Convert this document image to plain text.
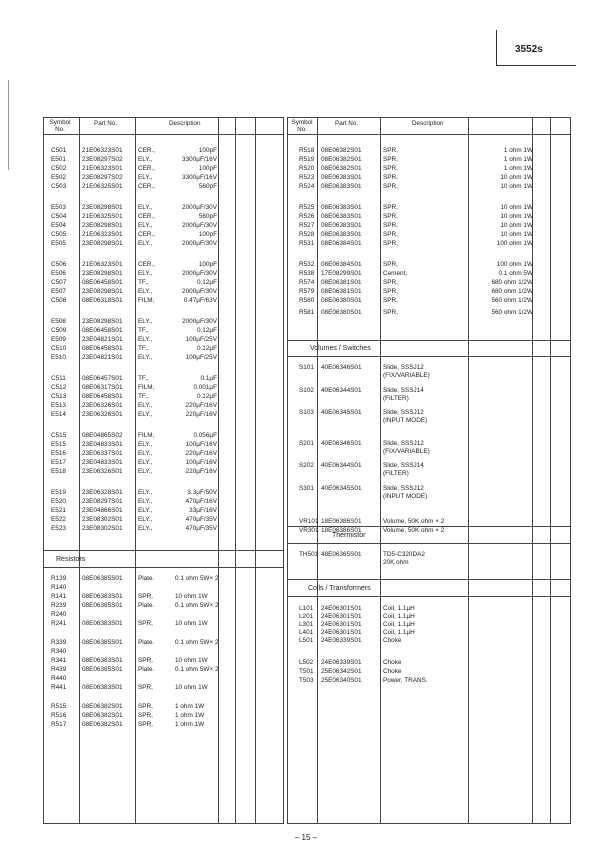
3552s
Symbol No.
Part No.	Description
C501 21E06323S01 CER.,	100pF
E501	23E08297S02 ELY.,	3300µF/16V
C502 21E06323S01 CER.,	100pF
E502	23E08297S02 ELY.,	3300µF/16V
C503 21E06325S01 CER.,	560pF
E503	23E08298S01 ELY.,	2000µF/30V
C504 21E06325S01 CER.,	560pF
E504	23E08298S01 ELY.,	2000µF/30V
C505 21E06323S01 CER.,	100pF
E505	23E08298S01 ELY.,	2000µF/30V
C506 21E06323S01 CER.,	100pF
E506	23E08298S01 ELY.,	2000µF/30V
C507 08E06458S01 TF.,	0.12µF
E507	23E08298S01 ELY.,	2000µF/30V
C508 08E06318S01 FILM,	0.47µF/63V
E508	23E08298S01 ELY.,	2000µF/30V
C509 08E06458S01 TF.,	0.12µF
E509	23E04821S01 ELY.,	100µF/25V
C510 08E06458S01 TF.,	0.12µF
E510	23E04821S01 ELY.,	100µF/25V
C511	08E06457S01 TF.,	0.1µF
C512 08E06317S01 FILM,	0.001µF
C513 08E06458S01 TF.,	0.12µF
E513	23E06326S01 ELY.,	220µF/16V
E514	23E06326S01 ELY.,	220µF/16V
C515 08E04865S02 FILM,	0.056µF
E515	23E04833S01 ELY.,	100µF/16V
E516	23E06337S01 ELY.,	220µF/16V
E517	23E04833S01 ELY.,	100µF/16V
E518	23E06326S01 ELY.,	220µF/16V
E519	23E06328S01 ELY.,	3.3µF/50V
E520	23E08297S01 ELY.,	470µF/16V
E521	23E04866S01 ELY.,	33µF/16V
E522	23E08302S01 ELY.,	470µF/35V
E523	23E08302S01 ELY.,	470µF/35V
Resistors
R139 08E06385S01 Plate.	0.1 ohm 5W× 2
R140
R141 08E06383S01 SPR,	10 ohm 1W
R239 08E06385S01 Plate.	0.1 ohm 5W× 2
R240
R241 08E06383S01 SPR,	10 ohm 1W
R339 08E06385S01 Plate.	0.1 ohm 5W× 2
R340
R341 08E06383S01 SPR,	10 ohm 1W
R439 08E06385S01 Plate.	0.1 ohm 5W× 2
R440
R441 08E06383S01 SPR,	10 ohm 1W
R515 08E06382S01 SPR,	1 ohm 1W
R516 08E06382S01 SPR,	1 ohm 1W
R517 08E06382S01 SPR,	1 ohm 1W
Symbol No.
Part No.	Description
R518 08E06382S01	SPR,	1 ohm 1W
R519 08E06382S01	SPR,	1 ohm 1W
R520 08E06382S01	SPR,	1 ohm 1W
R523 08E06383S01	SPR,	10 ohm 1W
R524 08E06383S01	SPR,	10 ohm 1W
R525 08E06383S01	SPR,	10 ohm 1W
R526 08E06383S01	SPR,	10 ohm 1W
R527 08E06383S01	SPR,	10 ohm 1W
R528 08E06383S01	SPR,	10 ohm 1W
R531 08E06384S01	SPR,	100 ohm 1W
R532 08E06384S01	SPR,	100 ohm 1W
R538 17E08299S01	Cement,	0.1 ohm 5W
R574 08E06381S01	SPR,	680 ohm 1/2W
R579 08E06381S01	SPR,	680 ohm 1/2W
R580 08E06380S01	SPR,	560 ohm 1/2W
R581 08E06380S01	SPR,	560 ohm 1/2W
Volumes / Switches
S101 40E06346S01	Slide, SSSJ12
(FIX/VARIABLE)
S102 40E06344S01	Slide, SSSJ14
(FILTER)
S103 40E06345S01	Slide, SSSJ12
(INPUT MODE)
S201 40E06346S01	Slide, SSSJ12
(FIX/VARIABLE)
S202 40E06344S01	Slide, SSSJ14
(FILTER)
S301 40E06345S01	Slide, SSSJ12
(INPUT MODE)
VR101 18E06386S01	Volume, 50K ohm × 2
VR301 18E06386S01	Volume, 50K ohm × 2
Thermistor
TH501 48E06365S01	TD5-C320DA2
20K ohm
Coils / Transformers
L101 24E06301S01	Coil, 1.1µH
L201 24E06301S01	Coil, 1.1µH
L301 24E06301S01	Coil, 1.1µH
L401 24E06301S01	Coil, 1.1µH
L501 24E06339S01	Choke
L502 24E06339S01	Choke
T501 25E06342S01	Choke
T503 25E06340S01	Power, TRANS.
– 15 –
